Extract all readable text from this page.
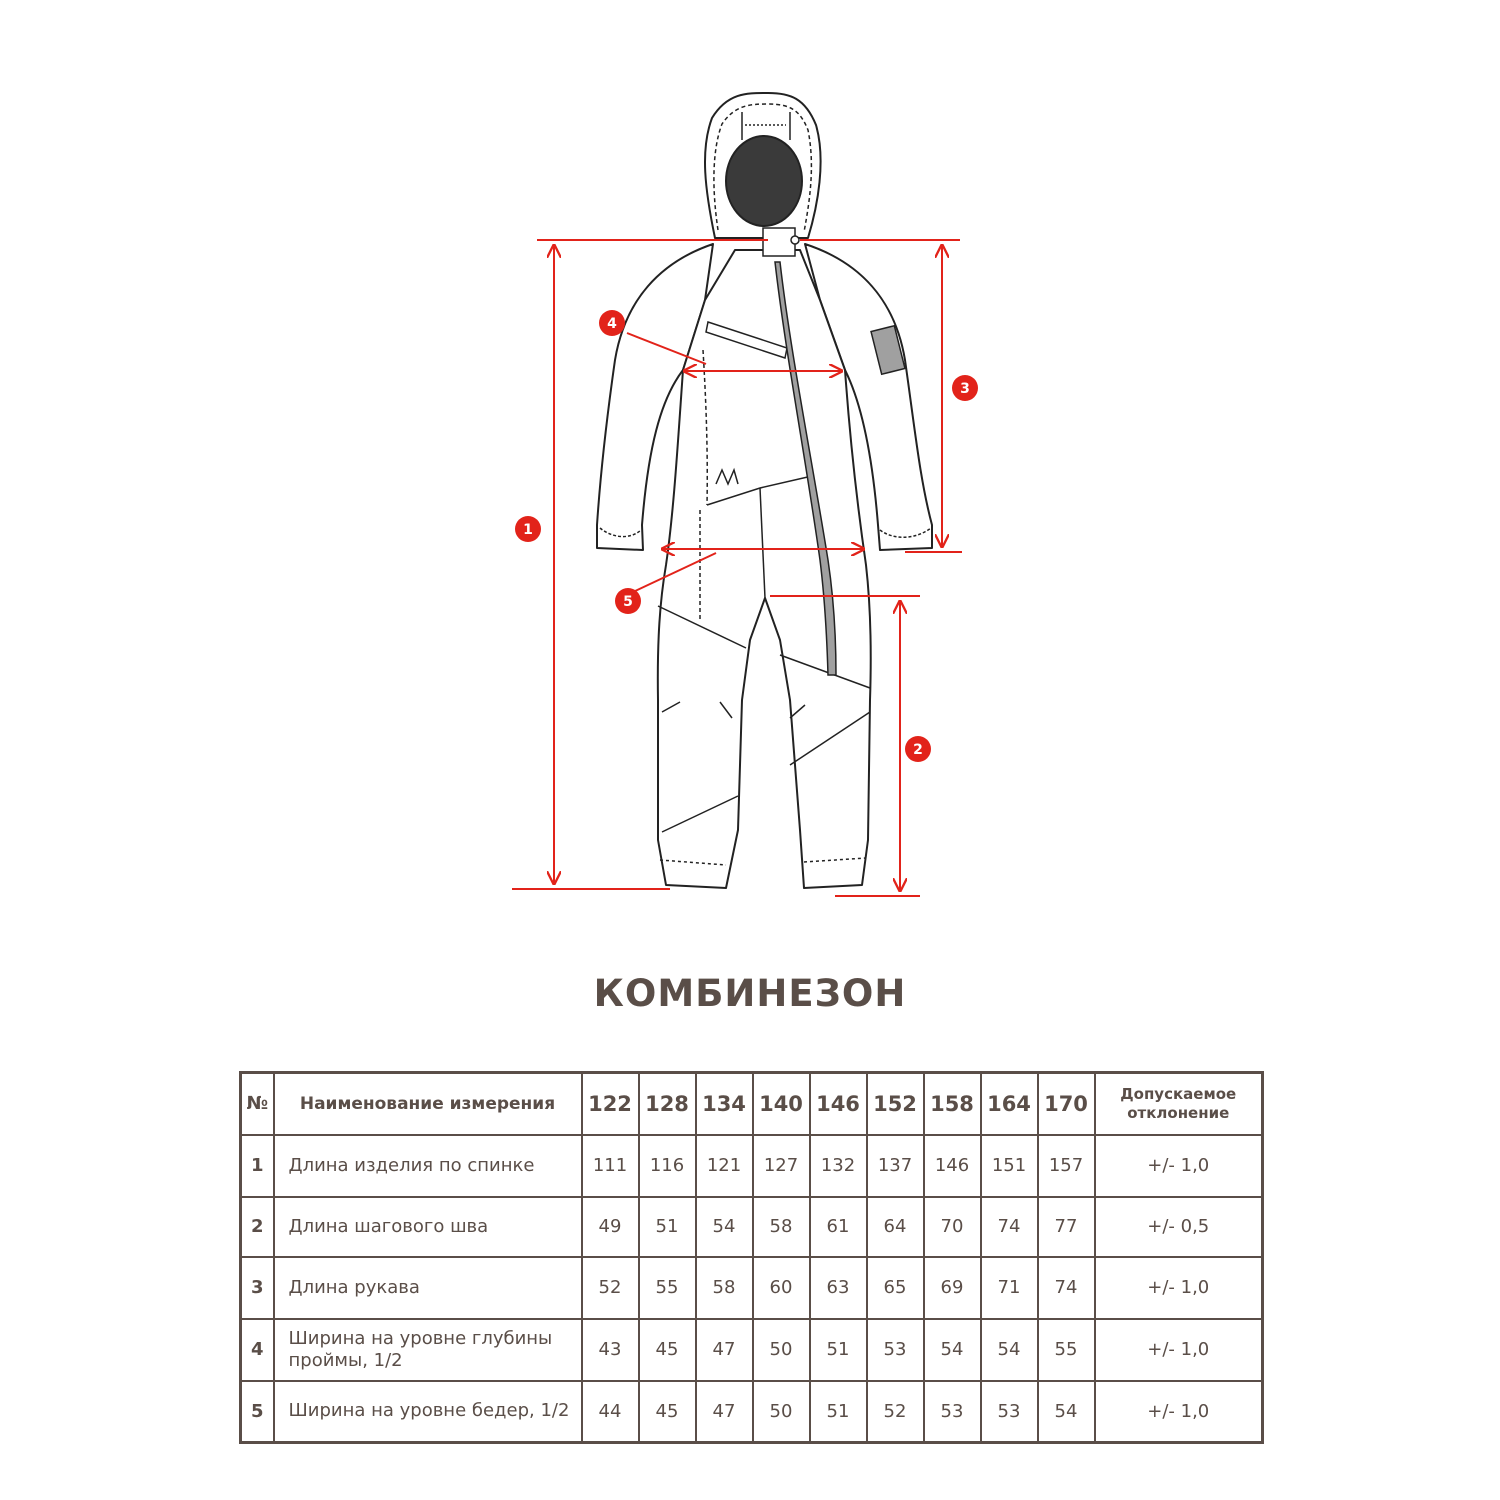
1
2
3
4
5
КОМБИНЕЗОН
№	Наименование измерения	122	128	134	140	146	152	158	164	170	Допускаемое
отклонение
1	Длина изделия по спинке	111	116	121	127	132	137	146	151	157	+/- 1,0
2	Длина шагового шва	49	51	54	58	61	64	70	74	77	+/- 0,5
3	Длина рукава	52	55	58	60	63	65	69	71	74	+/- 1,0
4	Ширина на уровне глубины
проймы, 1/2	43	45	47	50	51	53	54	54	55	+/- 1,0
5	Ширина на уровне бедер, 1/2	44	45	47	50	51	52	53	53	54	+/- 1,0
